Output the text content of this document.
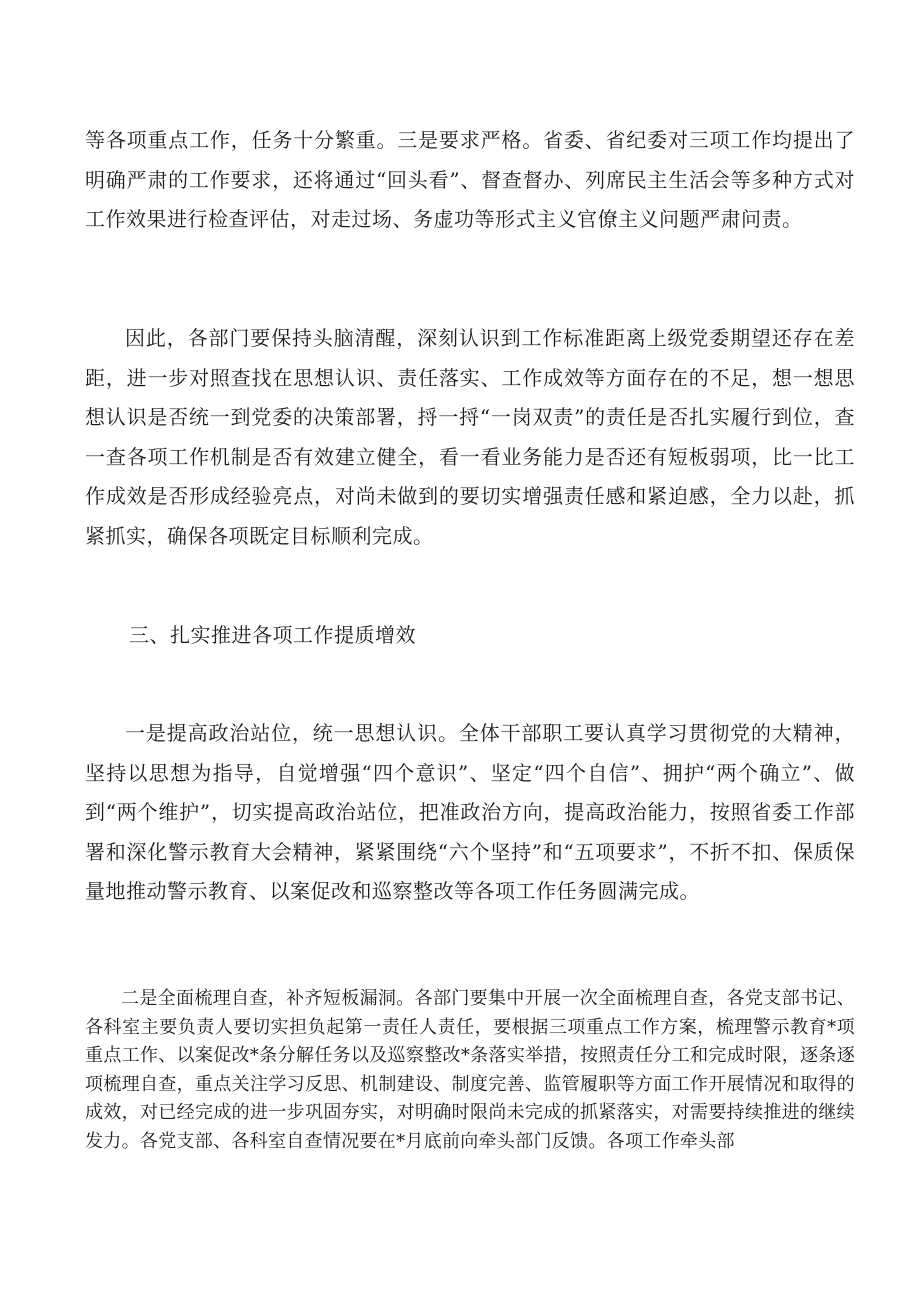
等各项重点工作，任务十分繁重。三是要求严格。省委、省纪委对三项工作均提出了明确严肃的工作要求，还将通过“回头看”、督查督办、列席民主生活会等多种方式对工作效果进行检查评估，对走过场、务虚功等形式主义官僚主义问题严肃问责。

因此，各部门要保持头脑清醒，深刻认识到工作标准距离上级党委期望还存在差距，进一步对照查找在思想认识、责任落实、工作成效等方面存在的不足，想一想思想认识是否统一到党委的决策部署，捋一捋“一岗双责”的责任是否扎实履行到位，查一查各项工作机制是否有效建立健全，看一看业务能力是否还有短板弱项，比一比工作成效是否形成经验亮点，对尚未做到的要切实增强责任感和紧迫感，全力以赴，抓紧抓实，确保各项既定目标顺利完成。

三、扎实推进各项工作提质增效

一是提高政治站位，统一思想认识。全体干部职工要认真学习贯彻党的大精神，坚持以思想为指导，自觉增强“四个意识”、坚定“四个自信”、拥护“两个确立”、做到“两个维护”，切实提高政治站位，把准政治方向，提高政治能力，按照省委工作部署和深化警示教育大会精神，紧紧围绕“六个坚持”和“五项要求”，不折不扣、保质保量地推动警示教育、以案促改和巡察整改等各项工作任务圆满完成。

二是全面梳理自查，补齐短板漏洞。各部门要集中开展一次全面梳理自查，各党支部书记、各科室主要负责人要切实担负起第一责任人责任，要根据三项重点工作方案，梳理警示教育*项重点工作、以案促改*条分解任务以及巡察整改*条落实举措，按照责任分工和完成时限，逐条逐项梳理自查，重点关注学习反思、机制建设、制度完善、监管履职等方面工作开展情况和取得的成效，对已经完成的进一步巩固夯实，对明确时限尚未完成的抓紧落实，对需要持续推进的继续发力。各党支部、各科室自查情况要在*月底前向牵头部门反馈。各项工作牵头部
